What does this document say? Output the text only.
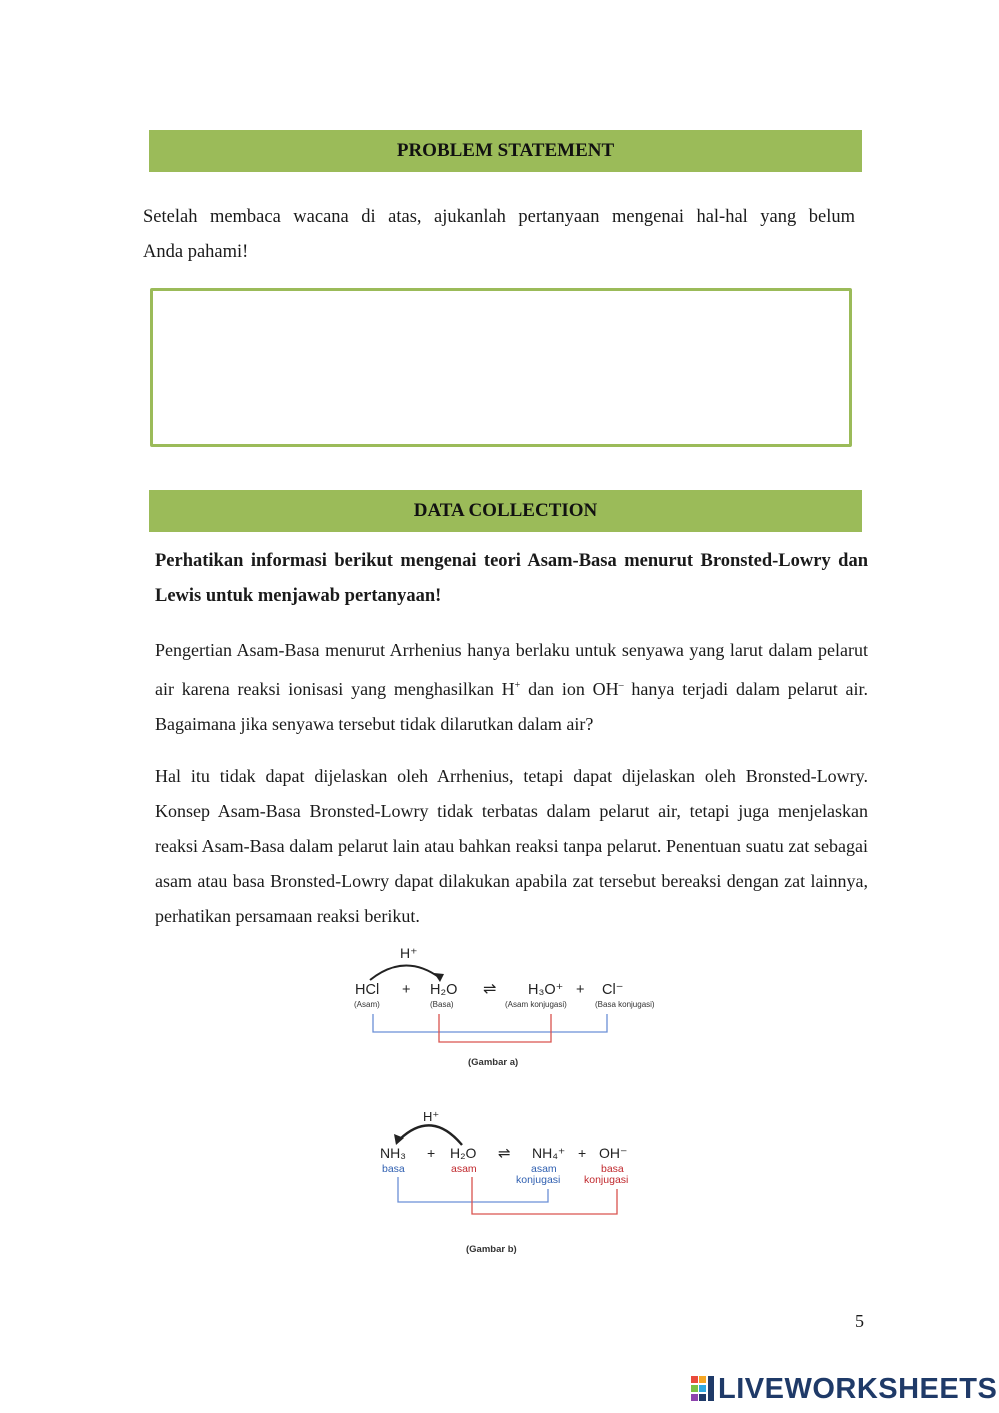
PROBLEM STATEMENT

Setelah membaca wacana di atas, ajukanlah pertanyaan mengenai hal-hal yang belum

Anda pahami!

DATA COLLECTION

Perhatikan informasi berikut mengenai teori Asam-Basa menurut Bronsted-Lowry dan Lewis untuk menjawab pertanyaan!

Pengertian Asam-Basa menurut Arrhenius hanya berlaku untuk senyawa yang larut dalam pelarut air karena reaksi ionisasi yang menghasilkan H+ dan ion OH– hanya terjadi dalam pelarut air. Bagaimana jika senyawa tersebut tidak dilarutkan dalam air?

Hal itu tidak dapat dijelaskan oleh Arrhenius, tetapi dapat dijelaskan oleh Bronsted-Lowry. Konsep Asam-Basa Bronsted-Lowry tidak terbatas dalam pelarut air, tetapi juga menjelaskan reaksi Asam-Basa dalam pelarut lain atau bahkan reaksi tanpa pelarut. Penentuan suatu zat sebagai asam atau basa Bronsted-Lowry dapat dilakukan apabila zat tersebut bereaksi dengan zat lainnya, perhatikan persamaan reaksi berikut.

H⁺
HCl + H₂O ⇌ H₃O⁺ + Cl⁻
(Asam)	(Basa)	(Asam konjugasi)	(Basa konjugasi)
(Gambar a)
H⁺
NH₃ + H₂O ⇌ NH₄⁺ + OH⁻
basa	asam	asam
konjugasi
basa
konjugasi
(Gambar b)
5
LIVEWORKSHEETS
